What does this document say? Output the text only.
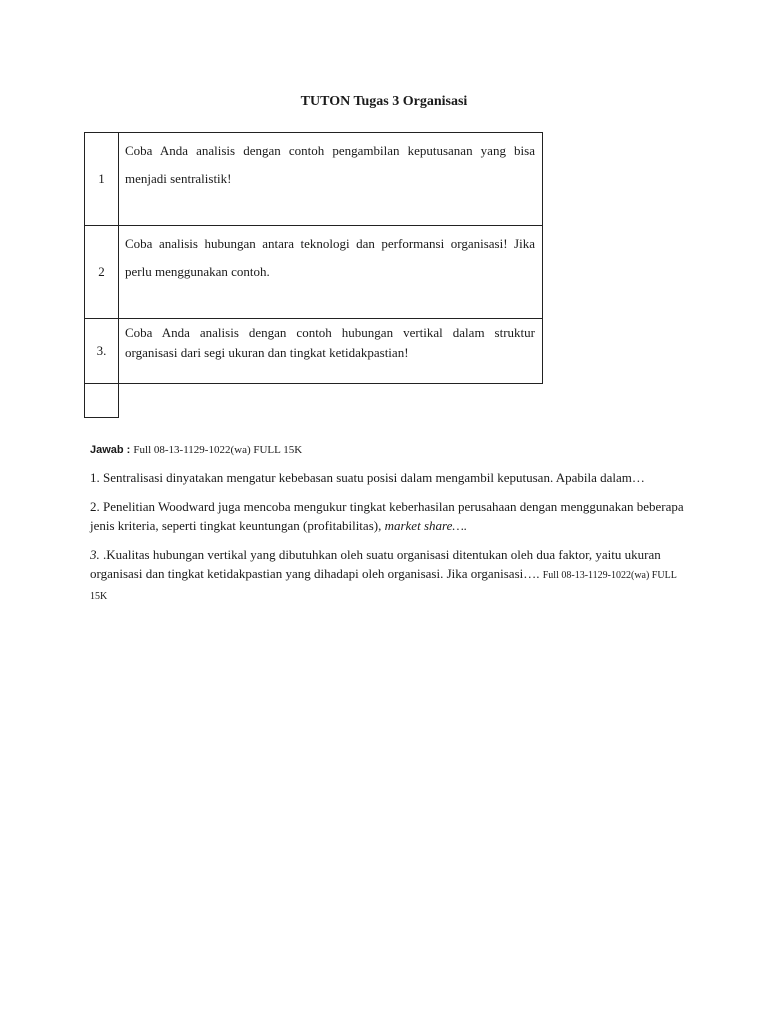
TUTON Tugas 3 Organisasi
1	Coba Anda analisis dengan contoh pengambilan keputusanan yang bisa menjadi sentralistik!

2	Coba analisis hubungan antara teknologi dan performansi organisasi! Jika perlu menggunakan contoh.

3.	Coba Anda analisis dengan contoh hubungan vertikal dalam struktur organisasi dari segi ukuran dan tingkat ketidakpastian!

Jawab : Full 08-13-1129-1022(wa) FULL 15K

1. Sentralisasi dinyatakan mengatur kebebasan suatu posisi dalam mengambil keputusan. Apabila dalam…

2. Penelitian Woodward juga mencoba mengukur tingkat keberhasilan perusahaan dengan menggunakan beberapa jenis kriteria, seperti tingkat keuntungan (profitabilitas), market share….

3. .Kualitas hubungan vertikal yang dibutuhkan oleh suatu organisasi ditentukan oleh dua faktor, yaitu ukuran organisasi dan tingkat ketidakpastian yang dihadapi oleh organisasi. Jika organisasi…. Full 08-13-1129-1022(wa) FULL 15K
